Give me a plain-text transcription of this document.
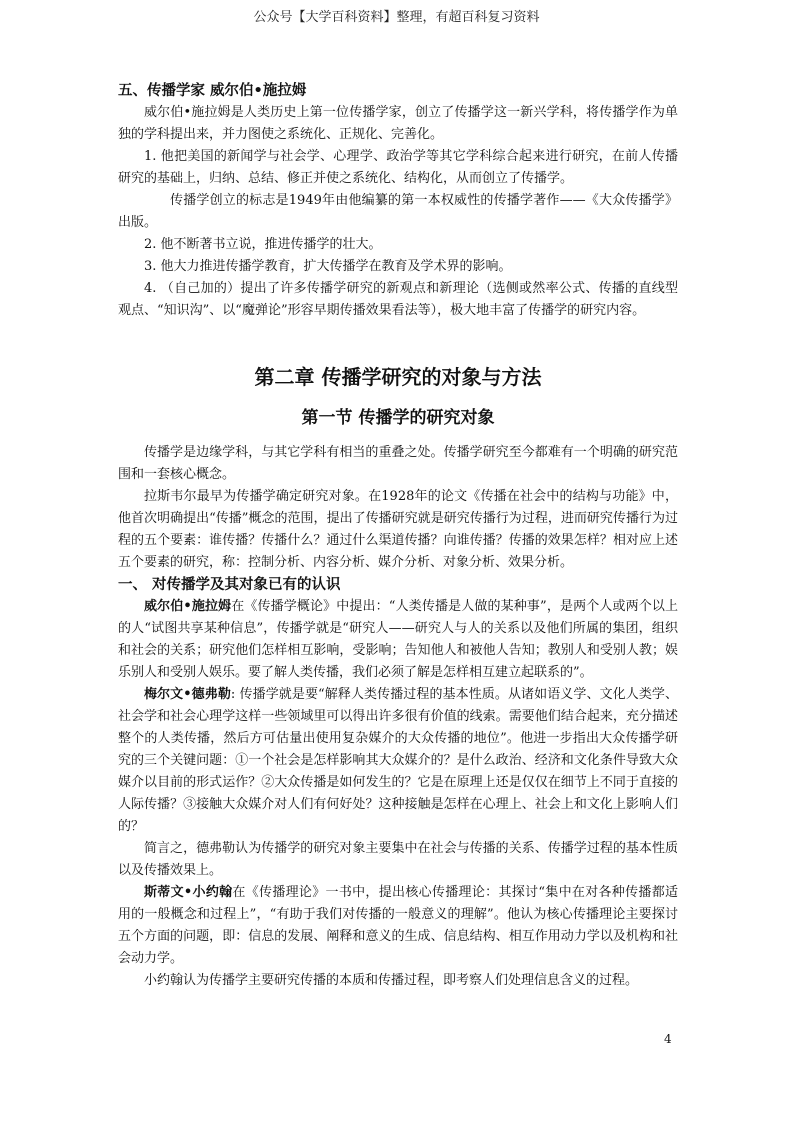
公众号【大学百科资料】整理，有超百科复习资料
五、传播学家 威尔伯•施拉姆

威尔伯•施拉姆是人类历史上第一位传播学家，创立了传播学这一新兴学科，将传播学作为单独的学科提出来，并力图使之系统化、正规化、完善化。

1. 他把美国的新闻学与社会学、心理学、政治学等其它学科综合起来进行研究，在前人传播研究的基础上，归纳、总结、修正并使之系统化、结构化，从而创立了传播学。

传播学创立的标志是1949年由他编纂的第一本权威性的传播学著作——《大众传播学》出版。

2. 他不断著书立说，推进传播学的壮大。

3. 他大力推进传播学教育，扩大传播学在教育及学术界的影响。

4. （自己加的）提出了许多传播学研究的新观点和新理论（选侧或然率公式、传播的直线型观点、“知识沟”、以“魔弹论”形容早期传播效果看法等），极大地丰富了传播学的研究内容。

第二章 传播学研究的对象与方法
第一节 传播学的研究对象

传播学是边缘学科，与其它学科有相当的重叠之处。传播学研究至今都难有一个明确的研究范围和一套核心概念。

拉斯韦尔最早为传播学确定研究对象。在1928年的论文《传播在社会中的结构与功能》中，他首次明确提出“传播”概念的范围，提出了传播研究就是研究传播行为过程，进而研究传播行为过程的五个要素：谁传播？传播什么？通过什么渠道传播？向谁传播？传播的效果怎样？相对应上述五个要素的研究，称：控制分析、内容分析、媒介分析、对象分析、效果分析。

一、 对传播学及其对象已有的认识

威尔伯•施拉姆在《传播学概论》中提出：“人类传播是人做的某种事”，是两个人或两个以上的人“试图共享某种信息”，传播学就是“研究人——研究人与人的关系以及他们所属的集团，组织和社会的关系；研究他们怎样相互影响，受影响；告知他人和被他人告知；教别人和受别人教；娱乐别人和受别人娱乐。要了解人类传播，我们必须了解是怎样相互建立起联系的”。

梅尔文•德弗勒: 传播学就是要“解释人类传播过程的基本性质。从诸如语义学、文化人类学、社会学和社会心理学这样一些领域里可以得出许多很有价值的线索。需要他们结合起来，充分描述整个的人类传播，然后方可估量出使用复杂媒介的大众传播的地位”。他进一步指出大众传播学研究的三个关键问题：①一个社会是怎样影响其大众媒介的？是什么政治、经济和文化条件导致大众媒介以目前的形式运作？②大众传播是如何发生的？它是在原理上还是仅仅在细节上不同于直接的人际传播？③接触大众媒介对人们有何好处？这种接触是怎样在心理上、社会上和文化上影响人们的？

简言之，德弗勒认为传播学的研究对象主要集中在社会与传播的关系、传播学过程的基本性质以及传播效果上。

斯蒂文•小约翰在《传播理论》一书中，提出核心传播理论：其探讨“集中在对各种传播都适用的一般概念和过程上”，“有助于我们对传播的一般意义的理解”。他认为核心传播理论主要探讨五个方面的问题，即：信息的发展、阐释和意义的生成、信息结构、相互作用动力学以及机构和社会动力学。

小约翰认为传播学主要研究传播的本质和传播过程，即考察人们处理信息含义的过程。

4
